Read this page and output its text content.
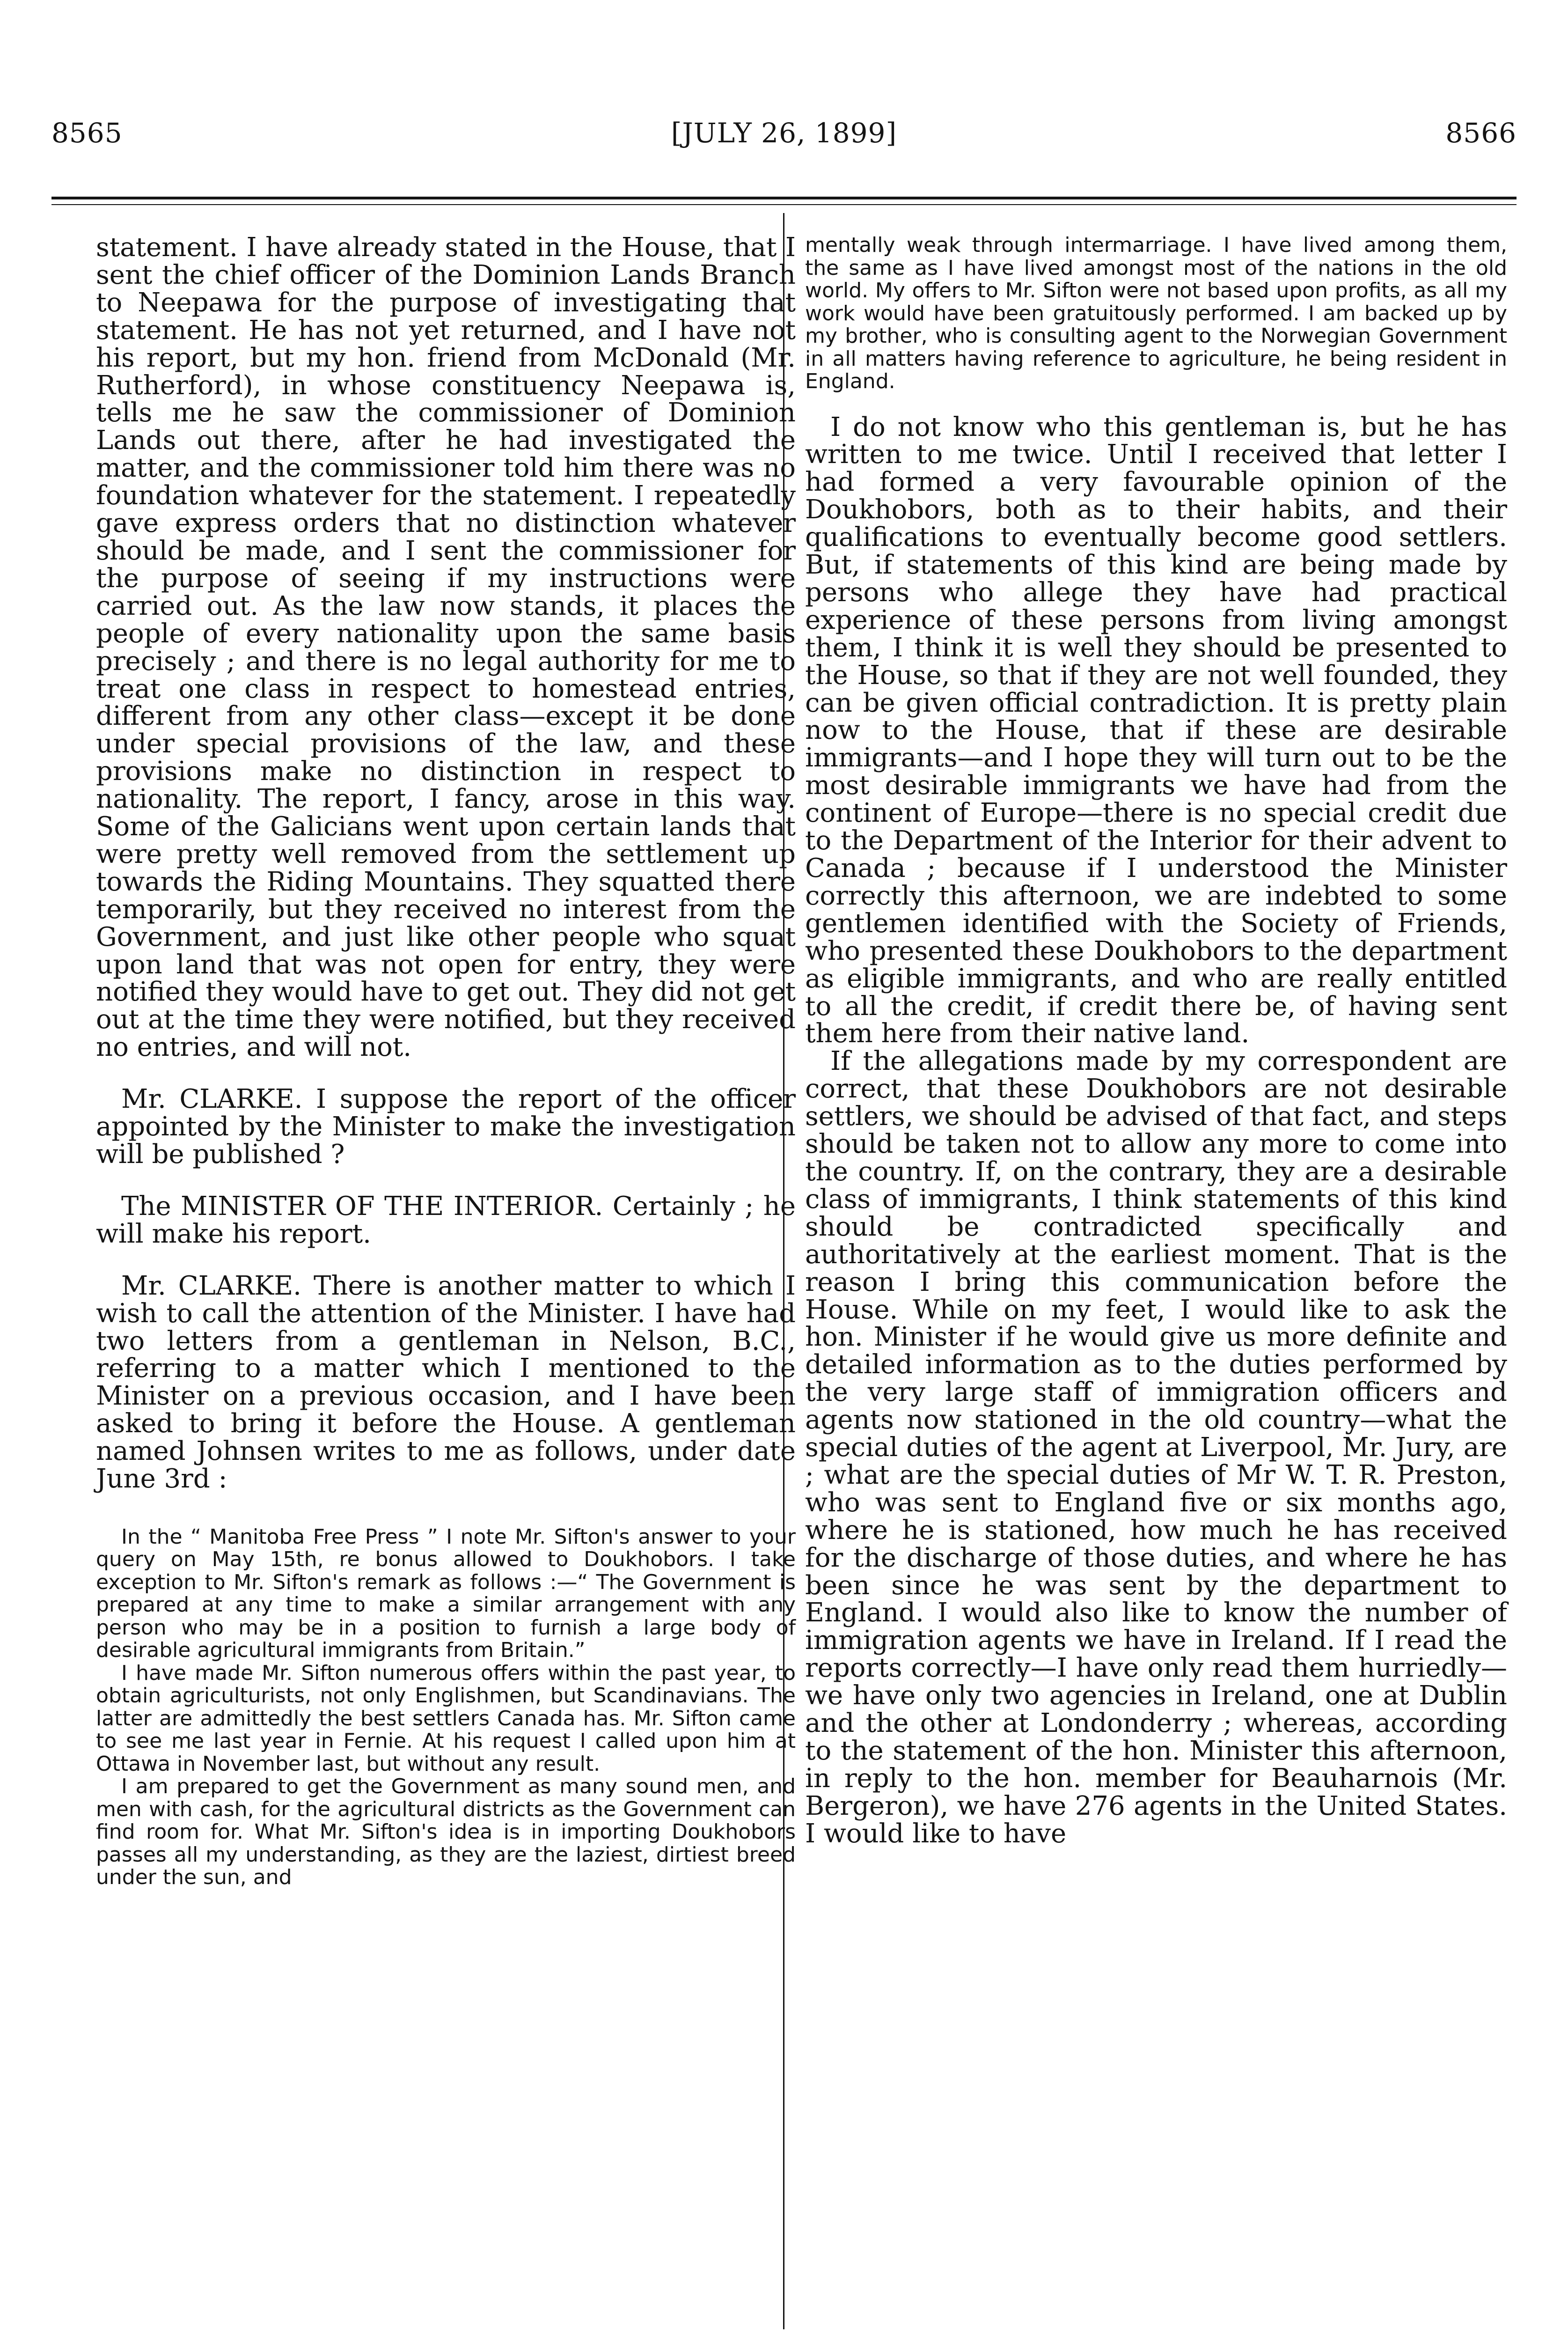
8565	[JULY 26, 1899]	8566

statement. I have already stated in the House, that I sent the chief officer of the Dominion Lands Branch to Neepawa for the purpose of investigating that statement. He has not yet returned, and I have not his report, but my hon. friend from McDonald (Mr. Rutherford), in whose constituency Neepawa is, tells me he saw the commissioner of Dominion Lands out there, after he had investigated the matter, and the commissioner told him there was no foundation whatever for the statement. I repeatedly gave express orders that no distinction whatever should be made, and I sent the commissioner for the purpose of seeing if my instructions were carried out. As the law now stands, it places the people of every nationality upon the same basis precisely ; and there is no legal authority for me to treat one class in respect to homestead entries, different from any other class—except it be done under special provisions of the law, and these provisions make no distinction in respect to nationality. The report, I fancy, arose in this way. Some of the Galicians went upon certain lands that were pretty well removed from the settlement up towards the Riding Mountains. They squatted there temporarily, but they received no interest from the Government, and just like other people who squat upon land that was not open for entry, they were notified they would have to get out. They did not get out at the time they were notified, but they received no entries, and will not.

Mr. CLARKE. I suppose the report of the officer appointed by the Minister to make the investigation will be published ?

The MINISTER OF THE INTERIOR. Certainly ; he will make his report.

Mr. CLARKE. There is another matter to which I wish to call the attention of the Minister. I have had two letters from a gentleman in Nelson, B.C., referring to a matter which I mentioned to the Minister on a previous occasion, and I have been asked to bring it before the House. A gentleman named Johnsen writes to me as follows, under date June 3rd :

In the “ Manitoba Free Press ” I note Mr. Sifton's answer to your query on May 15th, re bonus allowed to Doukhobors. I take exception to Mr. Sifton's remark as follows :—“ The Government is prepared at any time to make a similar arrangement with any person who may be in a position to furnish a large body of desirable agricultural immigrants from Britain.”

I have made Mr. Sifton numerous offers within the past year, to obtain agriculturists, not only Englishmen, but Scandinavians. The latter are admittedly the best settlers Canada has. Mr. Sifton came to see me last year in Fernie. At his request I called upon him at Ottawa in November last, but without any result.

I am prepared to get the Government as many sound men, and men with cash, for the agricultural districts as the Government can find room for. What Mr. Sifton's idea is in importing Doukhobors passes all my understanding, as they are the laziest, dirtiest breed under the sun, and

mentally weak through intermarriage. I have lived among them, the same as I have lived amongst most of the nations in the old world. My offers to Mr. Sifton were not based upon profits, as all my work would have been gratuitously performed. I am backed up by my brother, who is consulting agent to the Norwegian Government in all matters having reference to agriculture, he being resident in England.

I do not know who this gentleman is, but he has written to me twice. Until I received that letter I had formed a very favourable opinion of the Doukhobors, both as to their habits, and their qualifications to eventually become good settlers. But, if statements of this kind are being made by persons who allege they have had practical experience of these persons from living amongst them, I think it is well they should be presented to the House, so that if they are not well founded, they can be given official contradiction. It is pretty plain now to the House, that if these are desirable immigrants—and I hope they will turn out to be the most desirable immigrants we have had from the continent of Europe—there is no special credit due to the Department of the Interior for their advent to Canada ; because if I understood the Minister correctly this afternoon, we are indebted to some gentlemen identified with the Society of Friends, who presented these Doukhobors to the department as eligible immigrants, and who are really entitled to all the credit, if credit there be, of having sent them here from their native land.

If the allegations made by my correspondent are correct, that these Doukhobors are not desirable settlers, we should be advised of that fact, and steps should be taken not to allow any more to come into the country. If, on the contrary, they are a desirable class of immigrants, I think statements of this kind should be contradicted specifically and authoritatively at the earliest moment. That is the reason I bring this communication before the House. While on my feet, I would like to ask the hon. Minister if he would give us more definite and detailed information as to the duties performed by the very large staff of immigration officers and agents now stationed in the old country—what the special duties of the agent at Liverpool, Mr. Jury, are ; what are the special duties of Mr W. T. R. Preston, who was sent to England five or six months ago, where he is stationed, how much he has received for the discharge of those duties, and where he has been since he was sent by the department to England. I would also like to know the number of immigration agents we have in Ireland. If I read the reports correctly—I have only read them hurriedly—we have only two agencies in Ireland, one at Dublin and the other at Londonderry ; whereas, according to the statement of the hon. Minister this afternoon, in reply to the hon. member for Beauharnois (Mr. Bergeron), we have 276 agents in the United States. I would like to have
